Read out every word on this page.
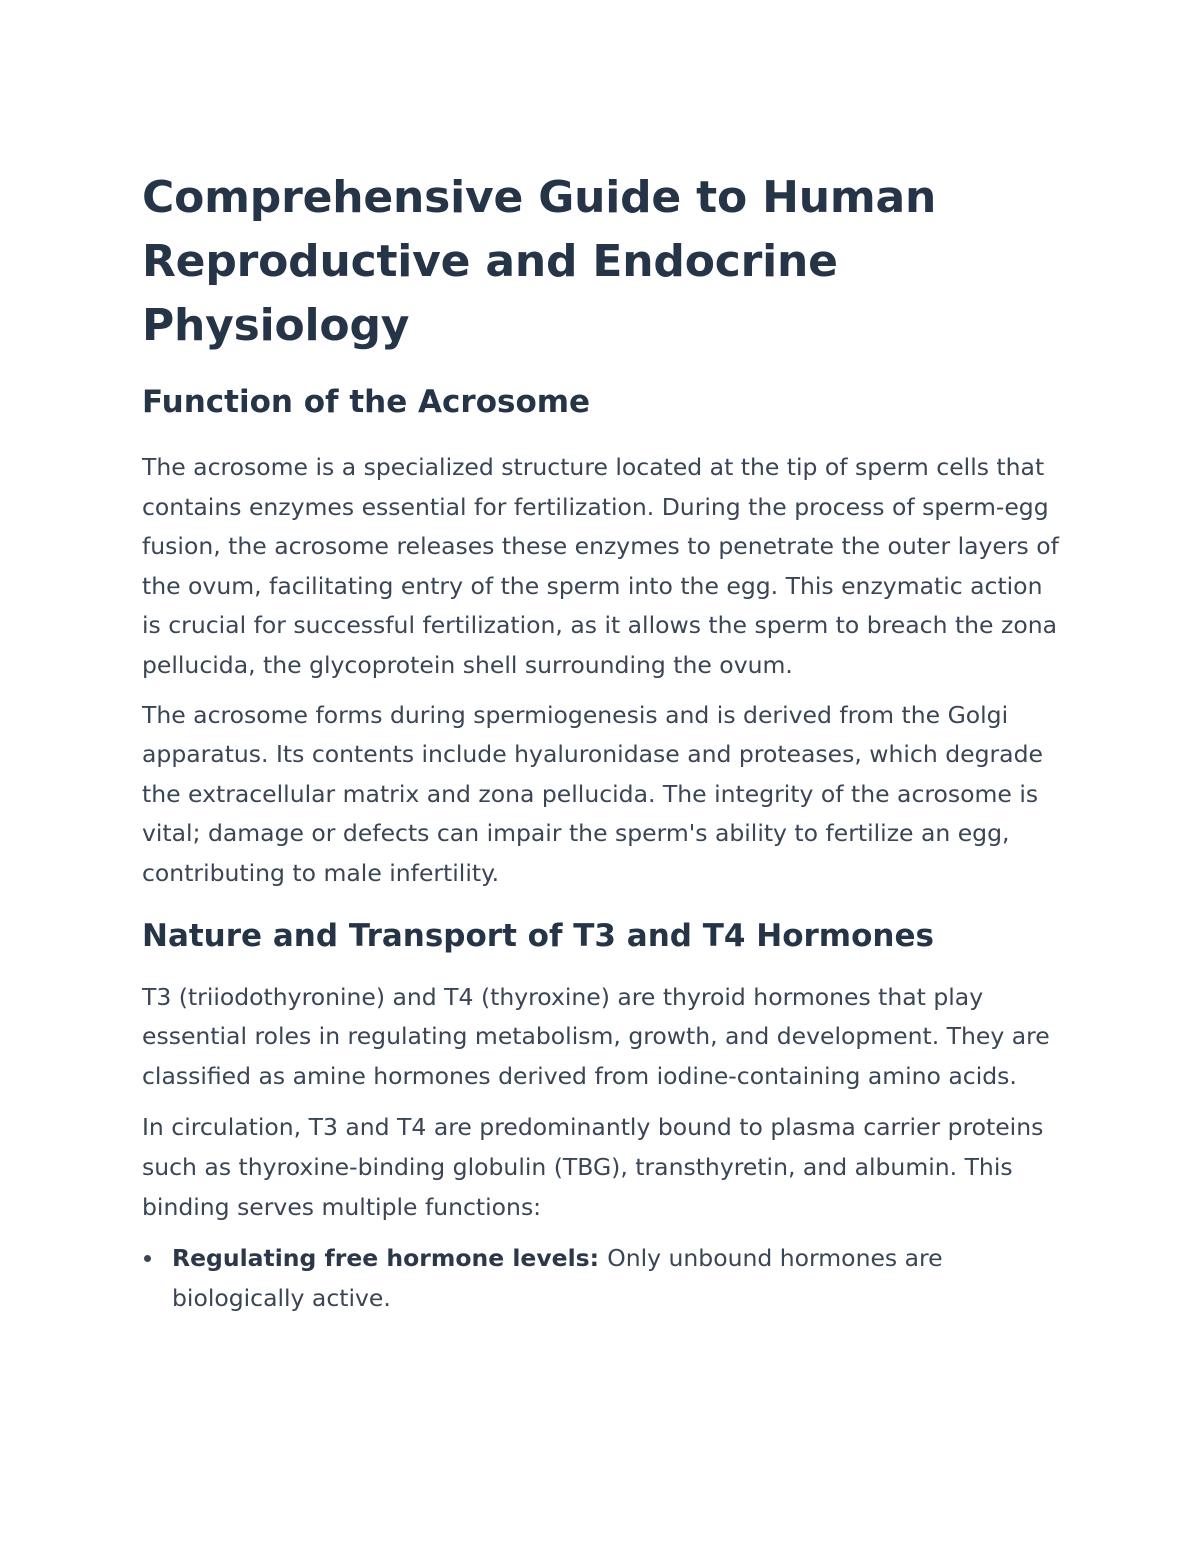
Comprehensive Guide to Human Reproductive and Endocrine Physiology
Function of the Acrosome

The acrosome is a specialized structure located at the tip of sperm cells that contains enzymes essential for fertilization. During the process of sperm-egg fusion, the acrosome releases these enzymes to penetrate the outer layers of the ovum, facilitating entry of the sperm into the egg. This enzymatic action is crucial for successful fertilization, as it allows the sperm to breach the zona pellucida, the glycoprotein shell surrounding the ovum.

The acrosome forms during spermiogenesis and is derived from the Golgi apparatus. Its contents include hyaluronidase and proteases, which degrade the extracellular matrix and zona pellucida. The integrity of the acrosome is vital; damage or defects can impair the sperm's ability to fertilize an egg, contributing to male infertility.

Nature and Transport of T3 and T4 Hormones

T3 (triiodothyronine) and T4 (thyroxine) are thyroid hormones that play essential roles in regulating metabolism, growth, and development. They are classified as amine hormones derived from iodine-containing amino acids.

In circulation, T3 and T4 are predominantly bound to plasma carrier proteins such as thyroxine-binding globulin (TBG), transthyretin, and albumin. This binding serves multiple functions:

Regulating free hormone levels: Only unbound hormones are biologically active.
